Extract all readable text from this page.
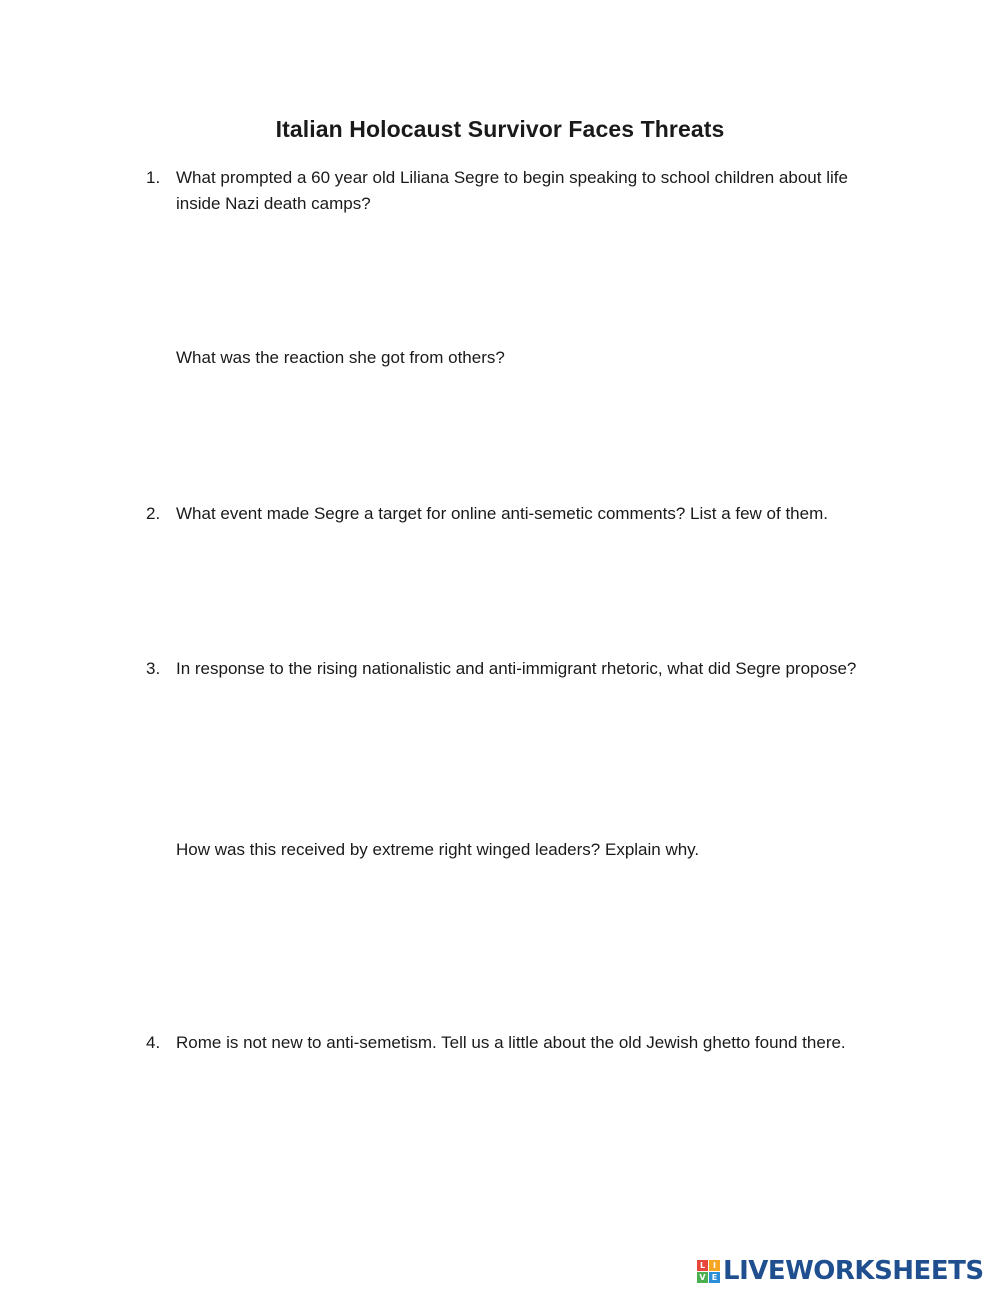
Italian Holocaust Survivor Faces Threats
1. What prompted a 60 year old Liliana Segre to begin speaking to school children about life inside Nazi death camps?
What was the reaction she got from others?
2. What event made Segre a target for online anti-semetic comments? List a few of them.
3. In response to the rising nationalistic and anti-immigrant rhetoric, what did Segre propose?
How was this received by extreme right winged leaders? Explain why.
4. Rome is not new to anti-semetism. Tell us a little about the old Jewish ghetto found there.
L I
V E LIVEWORKSHEETS
